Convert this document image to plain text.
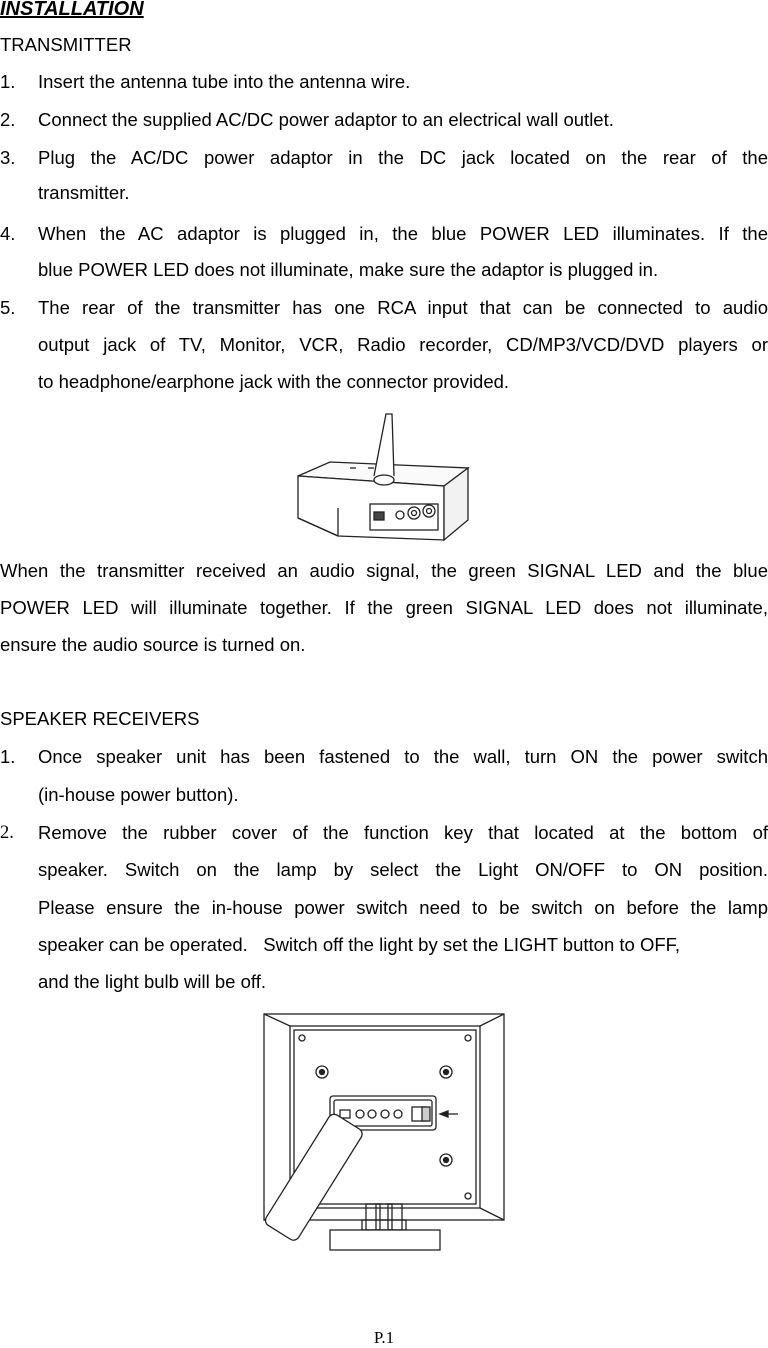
INSTALLATION
TRANSMITTER
1.	Insert the antenna tube into the antenna wire.
2.	Connect the supplied AC/DC power adaptor to an electrical wall outlet.
3.	Plug the AC/DC power adaptor in the DC jack located on the rear of the
transmitter.
4.	When the AC adaptor is plugged in, the blue POWER LED illuminates. If the
blue POWER LED does not illuminate, make sure the adaptor is plugged in.
5.	The rear of the transmitter has one RCA input that can be connected to audio
output jack of TV, Monitor, VCR, Radio recorder, CD/MP3/VCD/DVD players or
to headphone/earphone jack with the connector provided.
When the transmitter received an audio signal, the green SIGNAL LED and the blue
POWER LED will illuminate together. If the green SIGNAL LED does not illuminate,
ensure the audio source is turned on.
SPEAKER RECEIVERS
1.	Once speaker unit has been fastened to the wall, turn ON the power switch
(in-house power button).
2.	Remove the rubber cover of the function key that located at the bottom of
speaker. Switch on the lamp by select the Light ON/OFF to ON position.
Please ensure the in-house power switch need to be switch on before the lamp
speaker can be operated.   Switch off the light by set the LIGHT button to OFF,
and the light bulb will be off.
P.1
